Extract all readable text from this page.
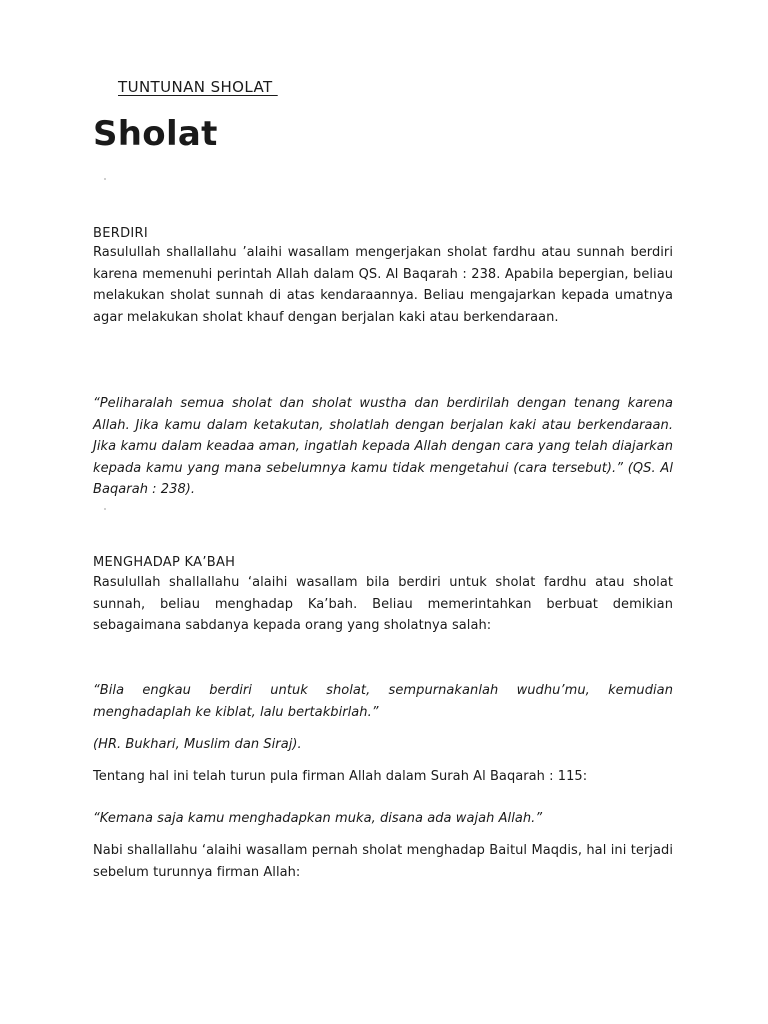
TUNTUNAN SHOLAT
Sholat
BERDIRI

Rasulullah shallallahu ’alaihi wasallam mengerjakan sholat fardhu atau sunnah berdiri karena memenuhi perintah Allah dalam QS. Al Baqarah : 238. Apabila bepergian, beliau melakukan sholat sunnah di atas kendaraannya. Beliau mengajarkan kepada umatnya agar melakukan sholat khauf dengan berjalan kaki atau berkendaraan.

“Peliharalah semua sholat dan sholat wustha dan berdirilah dengan tenang karena Allah. Jika kamu dalam ketakutan, sholatlah dengan berjalan kaki atau berkendaraan. Jika kamu dalam keadaa aman, ingatlah kepada Allah dengan cara yang telah diajarkan kepada kamu yang mana sebelumnya kamu tidak mengetahui (cara tersebut).” (QS. Al Baqarah : 238).

MENGHADAP KA’BAH

Rasulullah shallallahu ‘alaihi wasallam bila berdiri untuk sholat fardhu atau sholat sunnah, beliau menghadap Ka’bah. Beliau memerintahkan berbuat demikian sebagaimana sabdanya kepada orang yang sholatnya salah:

“Bila engkau berdiri untuk sholat, sempurnakanlah wudhu’mu, kemudian menghadaplah ke kiblat, lalu bertakbirlah.”

(HR. Bukhari, Muslim dan Siraj).

Tentang hal ini telah turun pula firman Allah dalam Surah Al Baqarah : 115:

“Kemana saja kamu menghadapkan muka, disana ada wajah Allah.”

Nabi shallallahu ‘alaihi wasallam pernah sholat menghadap Baitul Maqdis, hal ini terjadi sebelum turunnya firman Allah:
